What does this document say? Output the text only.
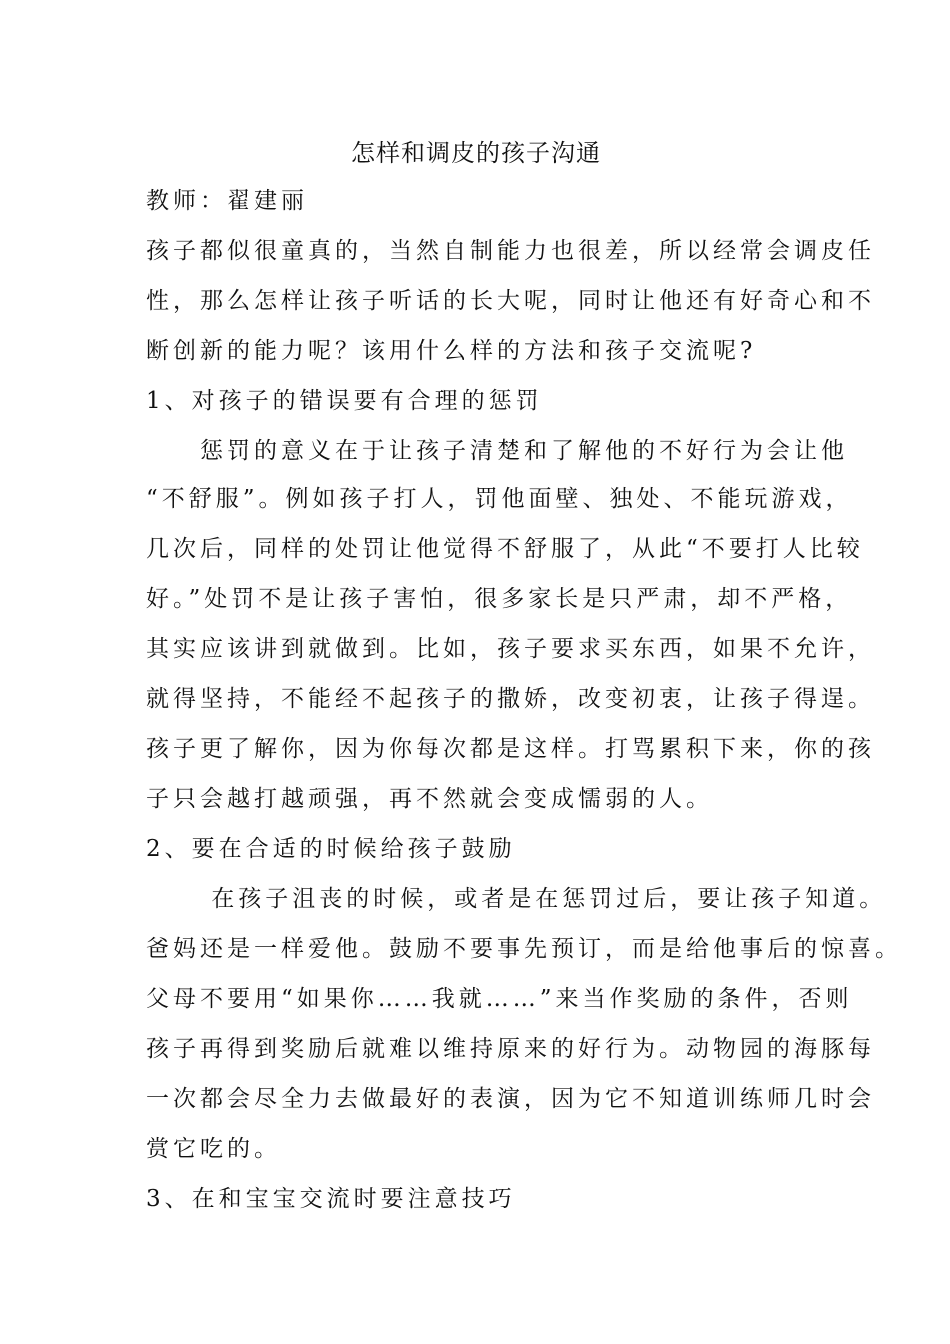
怎样和调皮的孩子沟通

教师：翟建丽

孩子都似很童真的，当然自制能力也很差，所以经常会调皮任

性，那么怎样让孩子听话的长大呢，同时让他还有好奇心和不

断创新的能力呢？该用什么样的方法和孩子交流呢?

1、对孩子的错误要有合理的惩罚

　　惩罚的意义在于让孩子清楚和了解他的不好行为会让他

“不舒服”。例如孩子打人，罚他面壁、独处、不能玩游戏，

几次后，同样的处罚让他觉得不舒服了，从此“不要打人比较

好。”处罚不是让孩子害怕，很多家长是只严肃，却不严格，

其实应该讲到就做到。比如，孩子要求买东西，如果不允许，

就得坚持，不能经不起孩子的撒娇，改变初衷，让孩子得逞。

孩子更了解你，因为你每次都是这样。打骂累积下来，你的孩

子只会越打越顽强，再不然就会变成懦弱的人。

2、要在合适的时候给孩子鼓励

　　 在孩子沮丧的时候，或者是在惩罚过后，要让孩子知道。

爸妈还是一样爱他。鼓励不要事先预订，而是给他事后的惊喜。

父母不要用“如果你……我就……”来当作奖励的条件，否则

孩子再得到奖励后就难以维持原来的好行为。动物园的海豚每

一次都会尽全力去做最好的表演，因为它不知道训练师几时会

赏它吃的。

3、在和宝宝交流时要注意技巧
